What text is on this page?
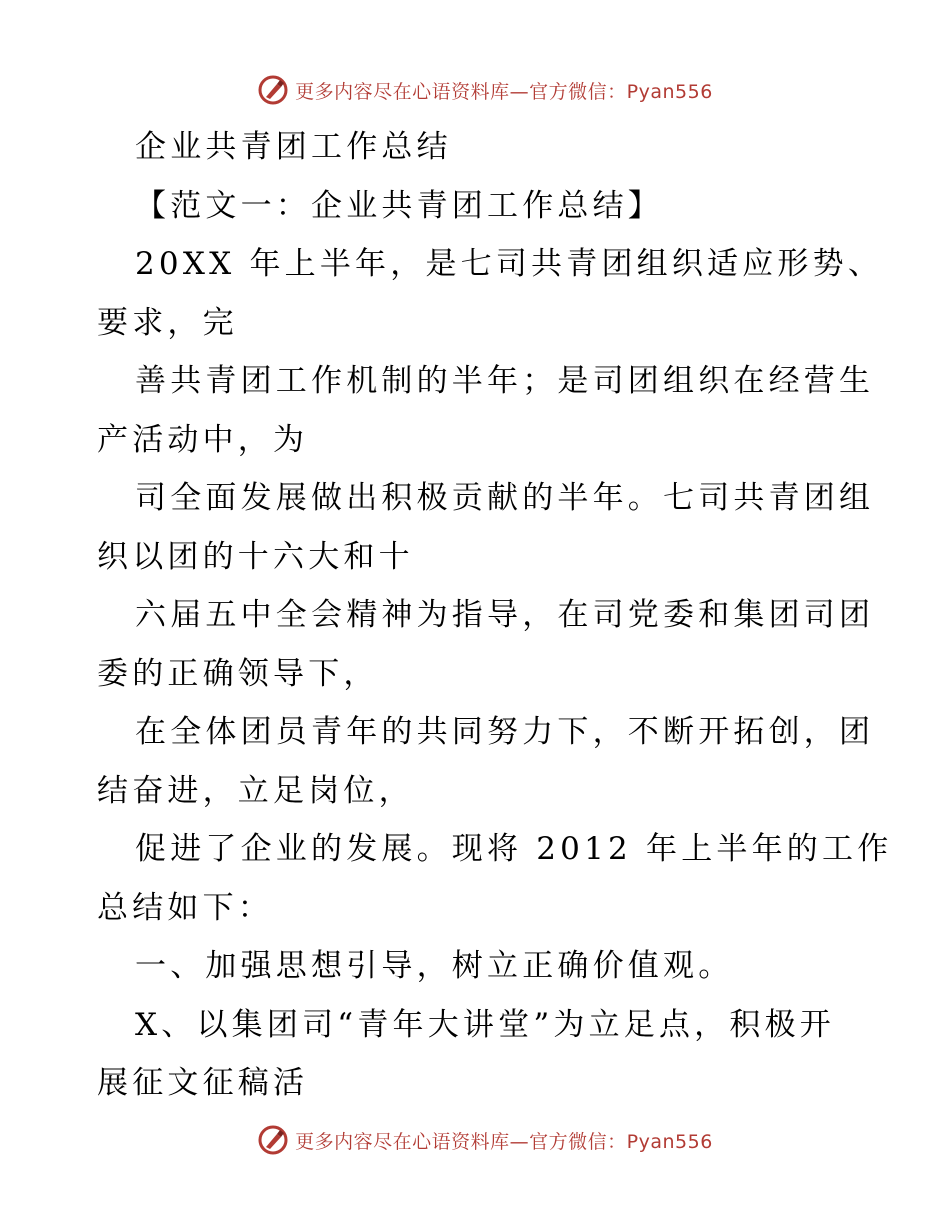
更多内容尽在心语资料库—官方微信：Pyan556
企业共青团工作总结
【范文一：企业共青团工作总结】
20XX 年上半年，是七司共青团组织适应形势、
要求，完
善共青团工作机制的半年；是司团组织在经营生
产活动中，为
司全面发展做出积极贡献的半年。七司共青团组
织以团的十六大和十
六届五中全会精神为指导，在司党委和集团司团
委的正确领导下，
在全体团员青年的共同努力下，不断开拓创，团
结奋进，立足岗位，
促进了企业的发展。现将 2012 年上半年的工作
总结如下：
一、加强思想引导，树立正确价值观。
X、以集团司“青年大讲堂”为立足点，积极开
展征文征稿活
更多内容尽在心语资料库—官方微信：Pyan556
